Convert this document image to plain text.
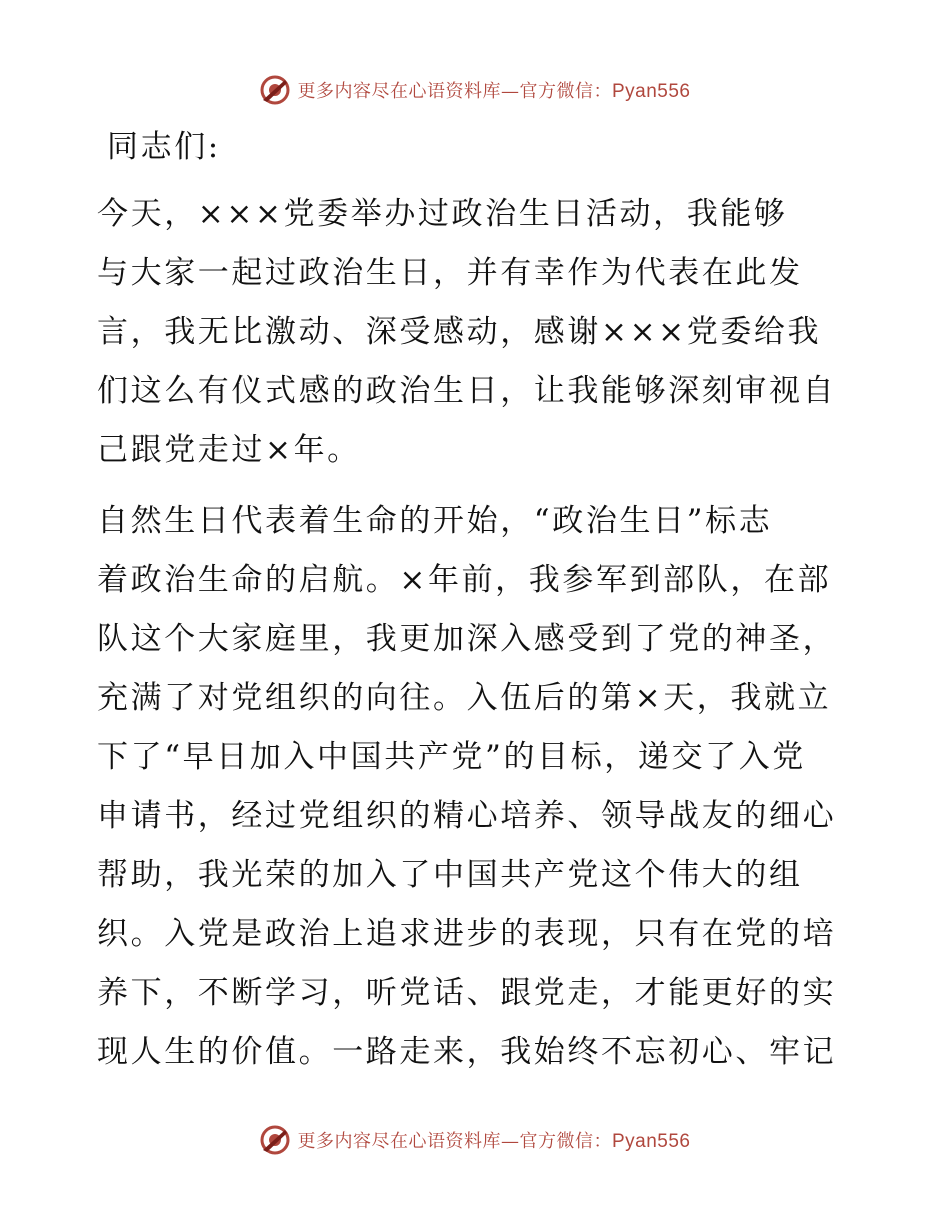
更多内容尽在心语资料库—官方微信：Pyan556

同志们:

今天，×××党委举办过政治生日活动，我能够
与大家一起过政治生日，并有幸作为代表在此发
言，我无比激动、深受感动，感谢×××党委给我
们这么有仪式感的政治生日，让我能够深刻审视自
己跟党走过×年。

自然生日代表着生命的开始，“政治生日”标志
着政治生命的启航。×年前，我参军到部队，在部
队这个大家庭里，我更加深入感受到了党的神圣，
充满了对党组织的向往。入伍后的第×天，我就立
下了“早日加入中国共产党”的目标，递交了入党
申请书，经过党组织的精心培养、领导战友的细心
帮助，我光荣的加入了中国共产党这个伟大的组
织。入党是政治上追求进步的表现，只有在党的培
养下，不断学习，听党话、跟党走，才能更好的实
现人生的价值。一路走来，我始终不忘初心、牢记

更多内容尽在心语资料库—官方微信：Pyan556
